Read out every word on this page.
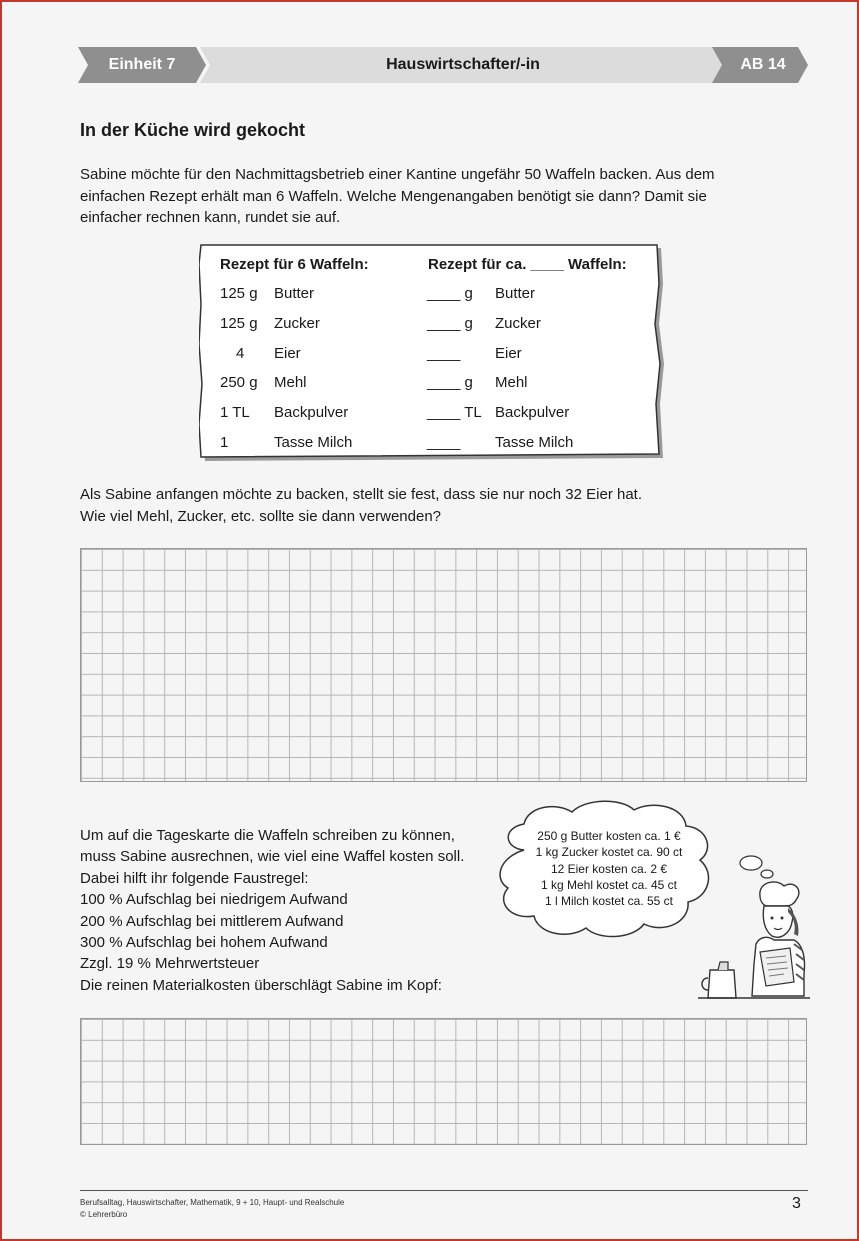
Einheit 7	Hauswirtschafter/-in	AB 14
In der Küche wird gekocht

Sabine möchte für den Nachmittagsbetrieb einer Kantine ungefähr 50 Waffeln backen. Aus dem
einfachen Rezept erhält man 6 Waffeln. Welche Mengenangaben benötigt sie dann? Damit sie
einfacher rechnen kann, rundet sie auf.

Rezept für 6 Waffeln:	Rezept für ca. ____ Waffeln:
125 g Butter	____ g Butter
125 g Zucker	____ g Zucker
4 Eier	____ Eier
250 g Mehl	____ g Mehl
1 TL Backpulver	____ TL Backpulver
1	Tasse Milch	____ Tasse Milch

Als Sabine anfangen möchte zu backen, stellt sie fest, dass sie nur noch 32 Eier hat.
Wie viel Mehl, Zucker, etc. sollte sie dann verwenden?

Um auf die Tageskarte die Waffeln schreiben zu können,
muss Sabine ausrechnen, wie viel eine Waffel kosten soll.
Dabei hilft ihr folgende Faustregel:
100 % Aufschlag bei niedrigem Aufwand
200 % Aufschlag bei mittlerem Aufwand
300 % Aufschlag bei hohem Aufwand
Zzgl. 19 % Mehrwertsteuer
Die reinen Materialkosten überschlägt Sabine im Kopf:
250 g Butter kosten ca. 1 €
1 kg Zucker kostet ca. 90 ct
12 Eier kosten ca. 2 €
1 kg Mehl kostet ca. 45 ct
1 l Milch kostet ca. 55 ct
Berufsalltag, Hauswirtschafter, Mathematik, 9 + 10, Haupt- und Realschule
© Lehrerbüro
3
